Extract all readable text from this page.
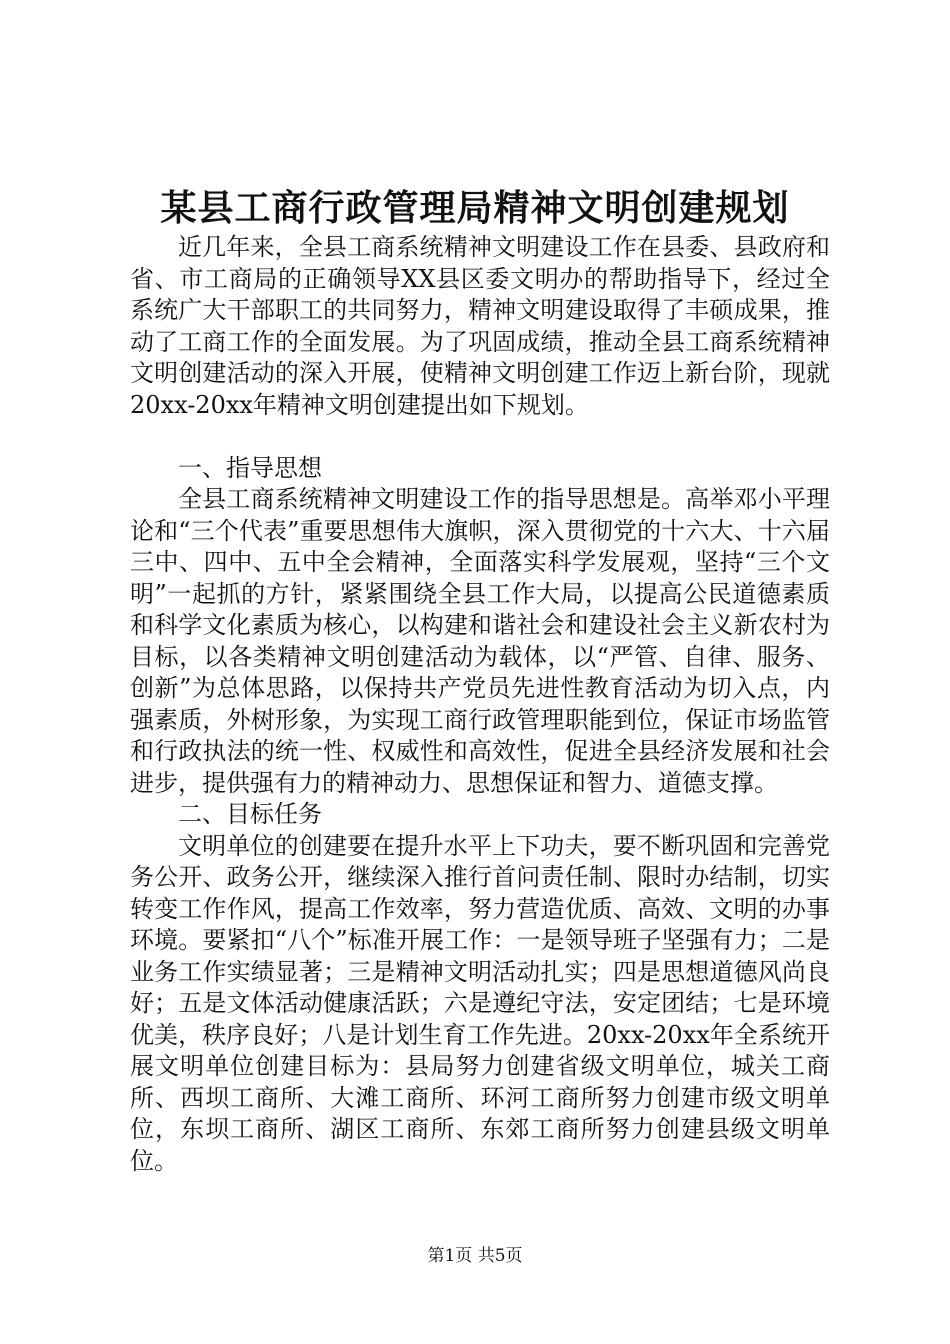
某县工商行政管理局精神文明创建规划

近几年来，全县工商系统精神文明建设工作在县委、县政府和省、市工商局的正确领导XX县区委文明办的帮助指导下，经过全系统广大干部职工的共同努力，精神文明建设取得了丰硕成果，推动了工商工作的全面发展。为了巩固成绩，推动全县工商系统精神文明创建活动的深入开展，使精神文明创建工作迈上新台阶，现就20xx-20xx年精神文明创建提出如下规划。

一、指导思想

全县工商系统精神文明建设工作的指导思想是。高举邓小平理论和“三个代表”重要思想伟大旗帜，深入贯彻党的十六大、十六届三中、四中、五中全会精神，全面落实科学发展观，坚持“三个文明”一起抓的方针，紧紧围绕全县工作大局，以提高公民道德素质和科学文化素质为核心，以构建和谐社会和建设社会主义新农村为目标，以各类精神文明创建活动为载体，以“严管、自律、服务、创新”为总体思路，以保持共产党员先进性教育活动为切入点，内强素质，外树形象，为实现工商行政管理职能到位，保证市场监管和行政执法的统一性、权威性和高效性，促进全县经济发展和社会进步，提供强有力的精神动力、思想保证和智力、道德支撑。

二、目标任务

文明单位的创建要在提升水平上下功夫，要不断巩固和完善党务公开、政务公开，继续深入推行首问责任制、限时办结制，切实转变工作作风，提高工作效率，努力营造优质、高效、文明的办事环境。要紧扣“八个”标准开展工作：一是领导班子坚强有力；二是业务工作实绩显著；三是精神文明活动扎实；四是思想道德风尚良好；五是文体活动健康活跃；六是遵纪守法，安定团结；七是环境优美，秩序良好；八是计划生育工作先进。20xx-20xx年全系统开展文明单位创建目标为：县局努力创建省级文明单位，城关工商所、西坝工商所、大滩工商所、环河工商所努力创建市级文明单位，东坝工商所、湖区工商所、东郊工商所努力创建县级文明单位。

第1页 共5页
